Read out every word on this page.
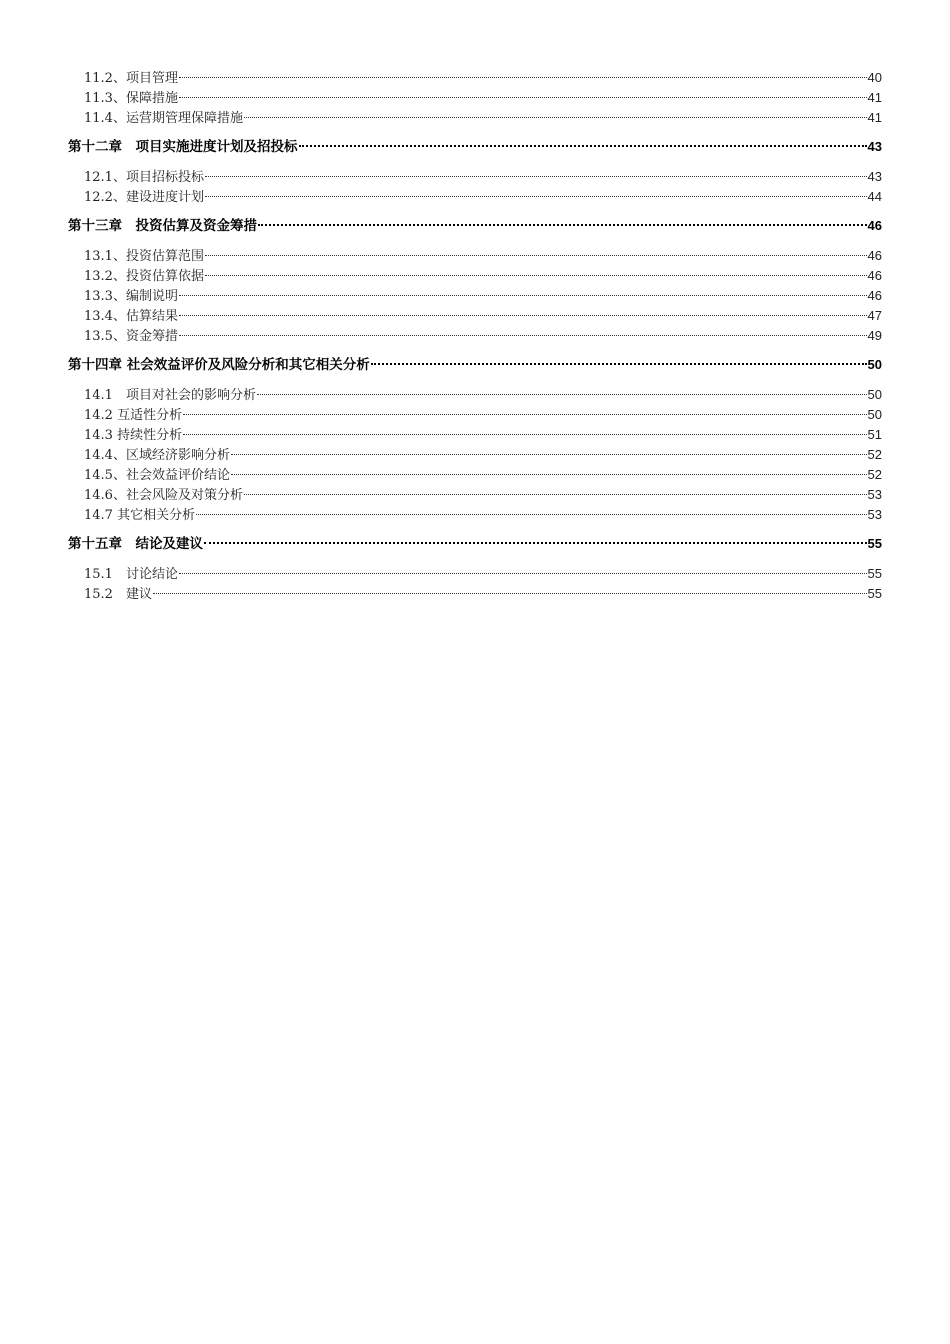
11.2、项目管理	40
11.3、保障措施	41
11.4、运营期管理保障措施	41
第十二章　项目实施进度计划及招投标	43
12.1、项目招标投标	43
12.2、建设进度计划	44
第十三章　投资估算及资金筹措	46
13.1、投资估算范围	46
13.2、投资估算依据	46
13.3、编制说明	46
13.4、估算结果	47
13.5、资金筹措	49
第十四章 社会效益评价及风险分析和其它相关分析	50
14.1　项目对社会的影响分析	50
14.2 互适性分析	50
14.3 持续性分析	51
14.4、区域经济影响分析	52
14.5、社会效益评价结论	52
14.6、社会风险及对策分析	53
14.7 其它相关分析	53
第十五章　结论及建议	55
15.1　讨论结论	55
15.2　建议	55
